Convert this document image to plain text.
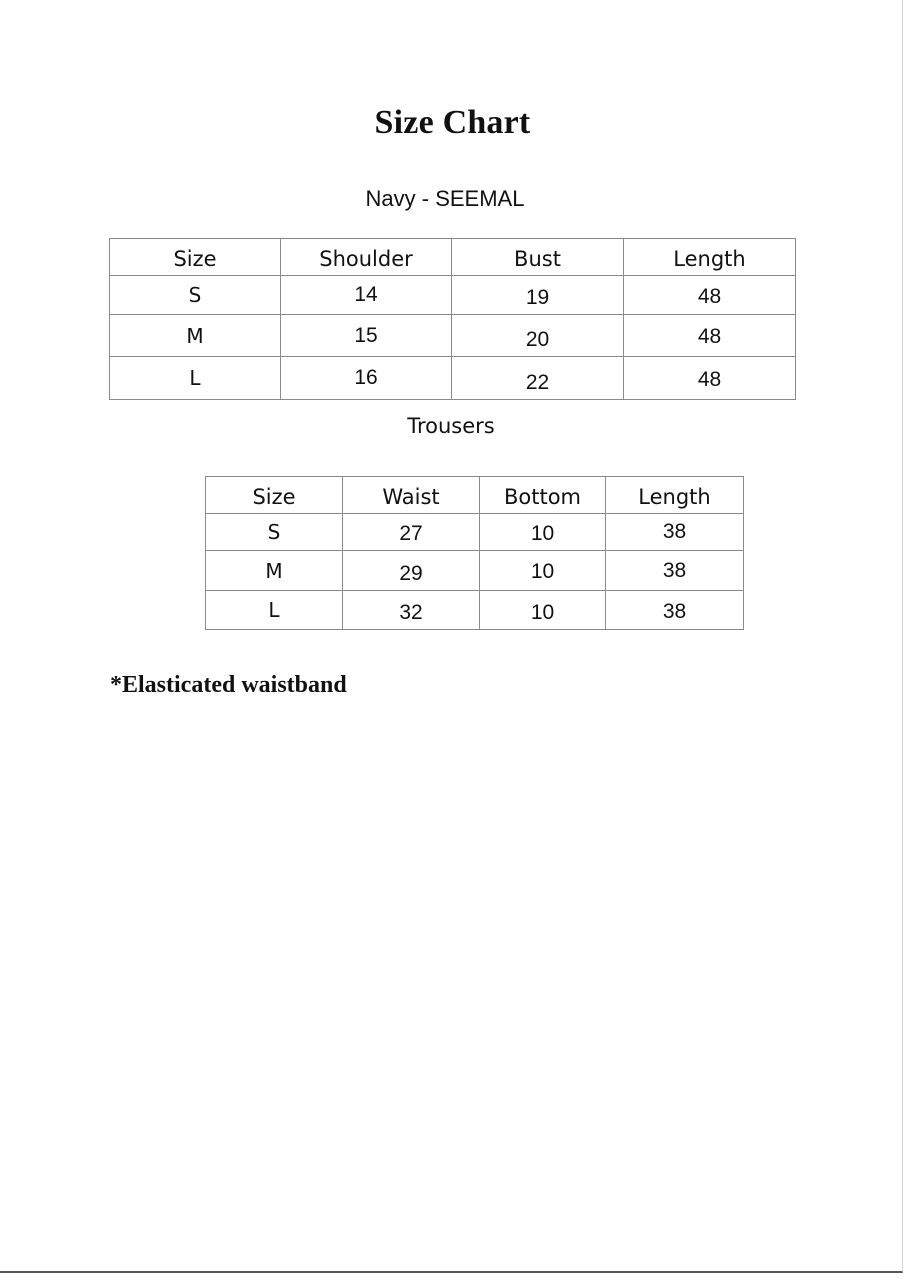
Size Chart
Navy - SEEMAL
Size	Shoulder	Bust	Length
S	14	19	48
M	15	20	48
L	16	22	48
Trousers
Size	Waist	Bottom	Length
S	27	10	38
M	29	10	38
L	32	10	38
*Elasticated waistband
